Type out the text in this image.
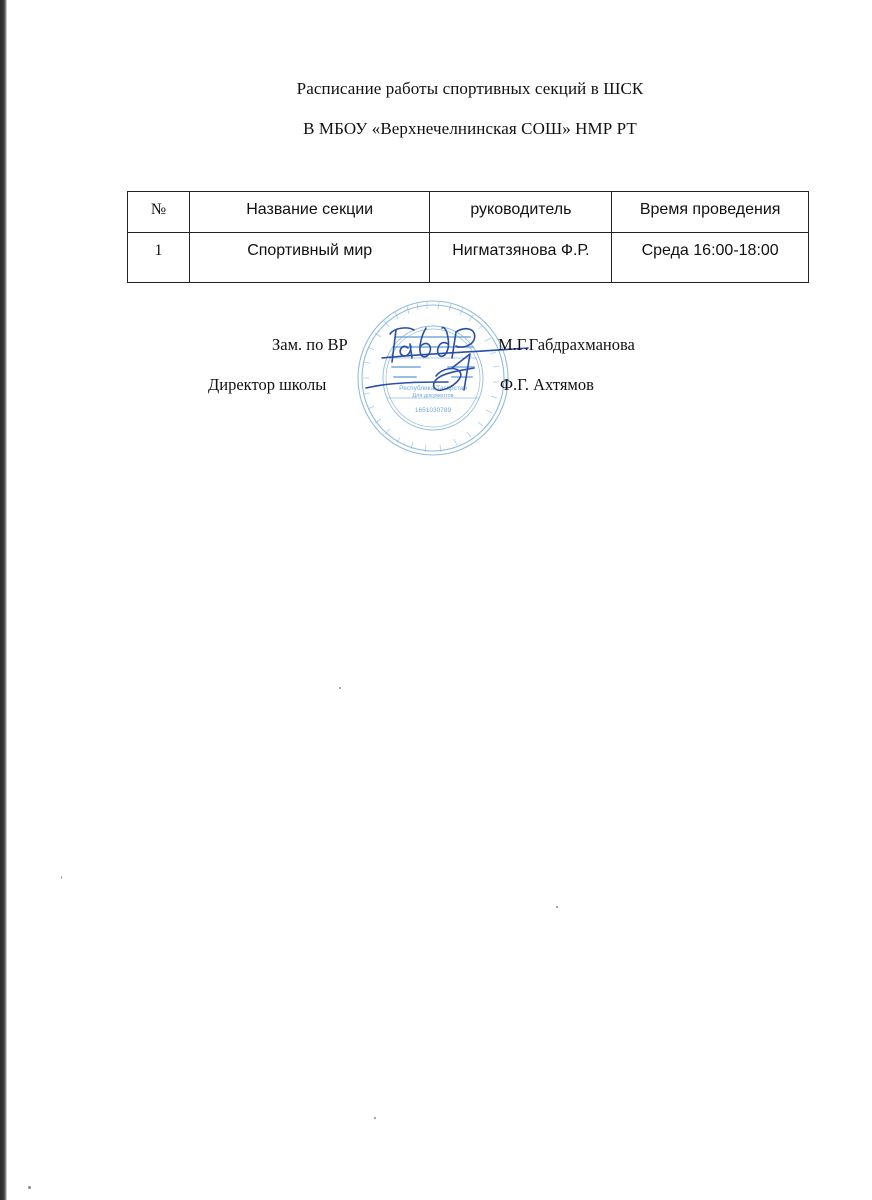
Расписание работы спортивных секций в ШСК
В МБОУ «Верхнечелнинская СОШ» НМР РТ
№	Название секции	руководитель	Время проведения
1	Спортивный мир	Нигматзянова Ф.Р.	Среда 16:00-18:00
Республика Татарстан
Для документов
1651030789
Зам. по ВР	М.Г.Габдрахманова
Директор школы	Ф.Г. Ахтямов
